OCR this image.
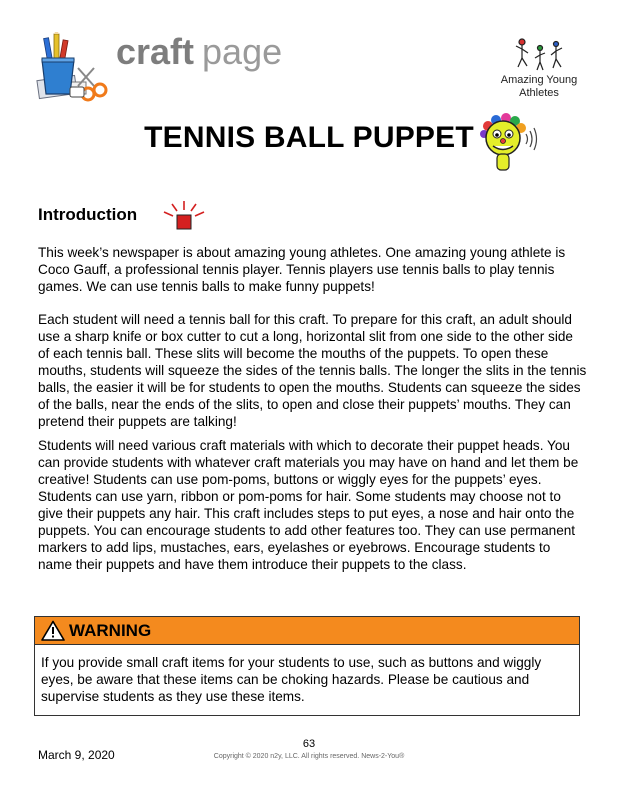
craft page
Amazing Young
Athletes
TENNIS BALL PUPPET
Introduction

This week’s newspaper is about amazing young athletes. One amazing young athlete is Coco Gauff, a professional tennis player. Tennis players use tennis balls to play tennis games. We can use tennis balls to make funny puppets!

Each student will need a tennis ball for this craft. To prepare for this craft, an adult should use a sharp knife or box cutter to cut a long, horizontal slit from one side to the other side of each tennis ball. These slits will become the mouths of the puppets. To open these mouths, students will squeeze the sides of the tennis balls. The longer the slits in the tennis balls, the easier it will be for students to open the mouths. Students can squeeze the sides of the balls, near the ends of the slits, to open and close their puppets’ mouths. They can pretend their puppets are talking!

Students will need various craft materials with which to decorate their puppet heads. You can provide students with whatever craft materials you may have on hand and let them be creative! Students can use pom-poms, buttons or wiggly eyes for the puppets’ eyes. Students can use yarn, ribbon or pom-poms for hair. Some students may choose not to give their puppets any hair. This craft includes steps to put eyes, a nose and hair onto the puppets. You can encourage students to add other features too. They can use permanent markers to add lips, mustaches, ears, eyelashes or eyebrows. Encourage students to name their puppets and have them introduce their puppets to the class.

WARNING

If you provide small craft items for your students to use, such as buttons and wiggly eyes, be aware that these items can be choking hazards. Please be cautious and supervise students as they use these items.

March 9, 2020
63
Copyright © 2020 n2y, LLC. All rights reserved. News-2-You®
